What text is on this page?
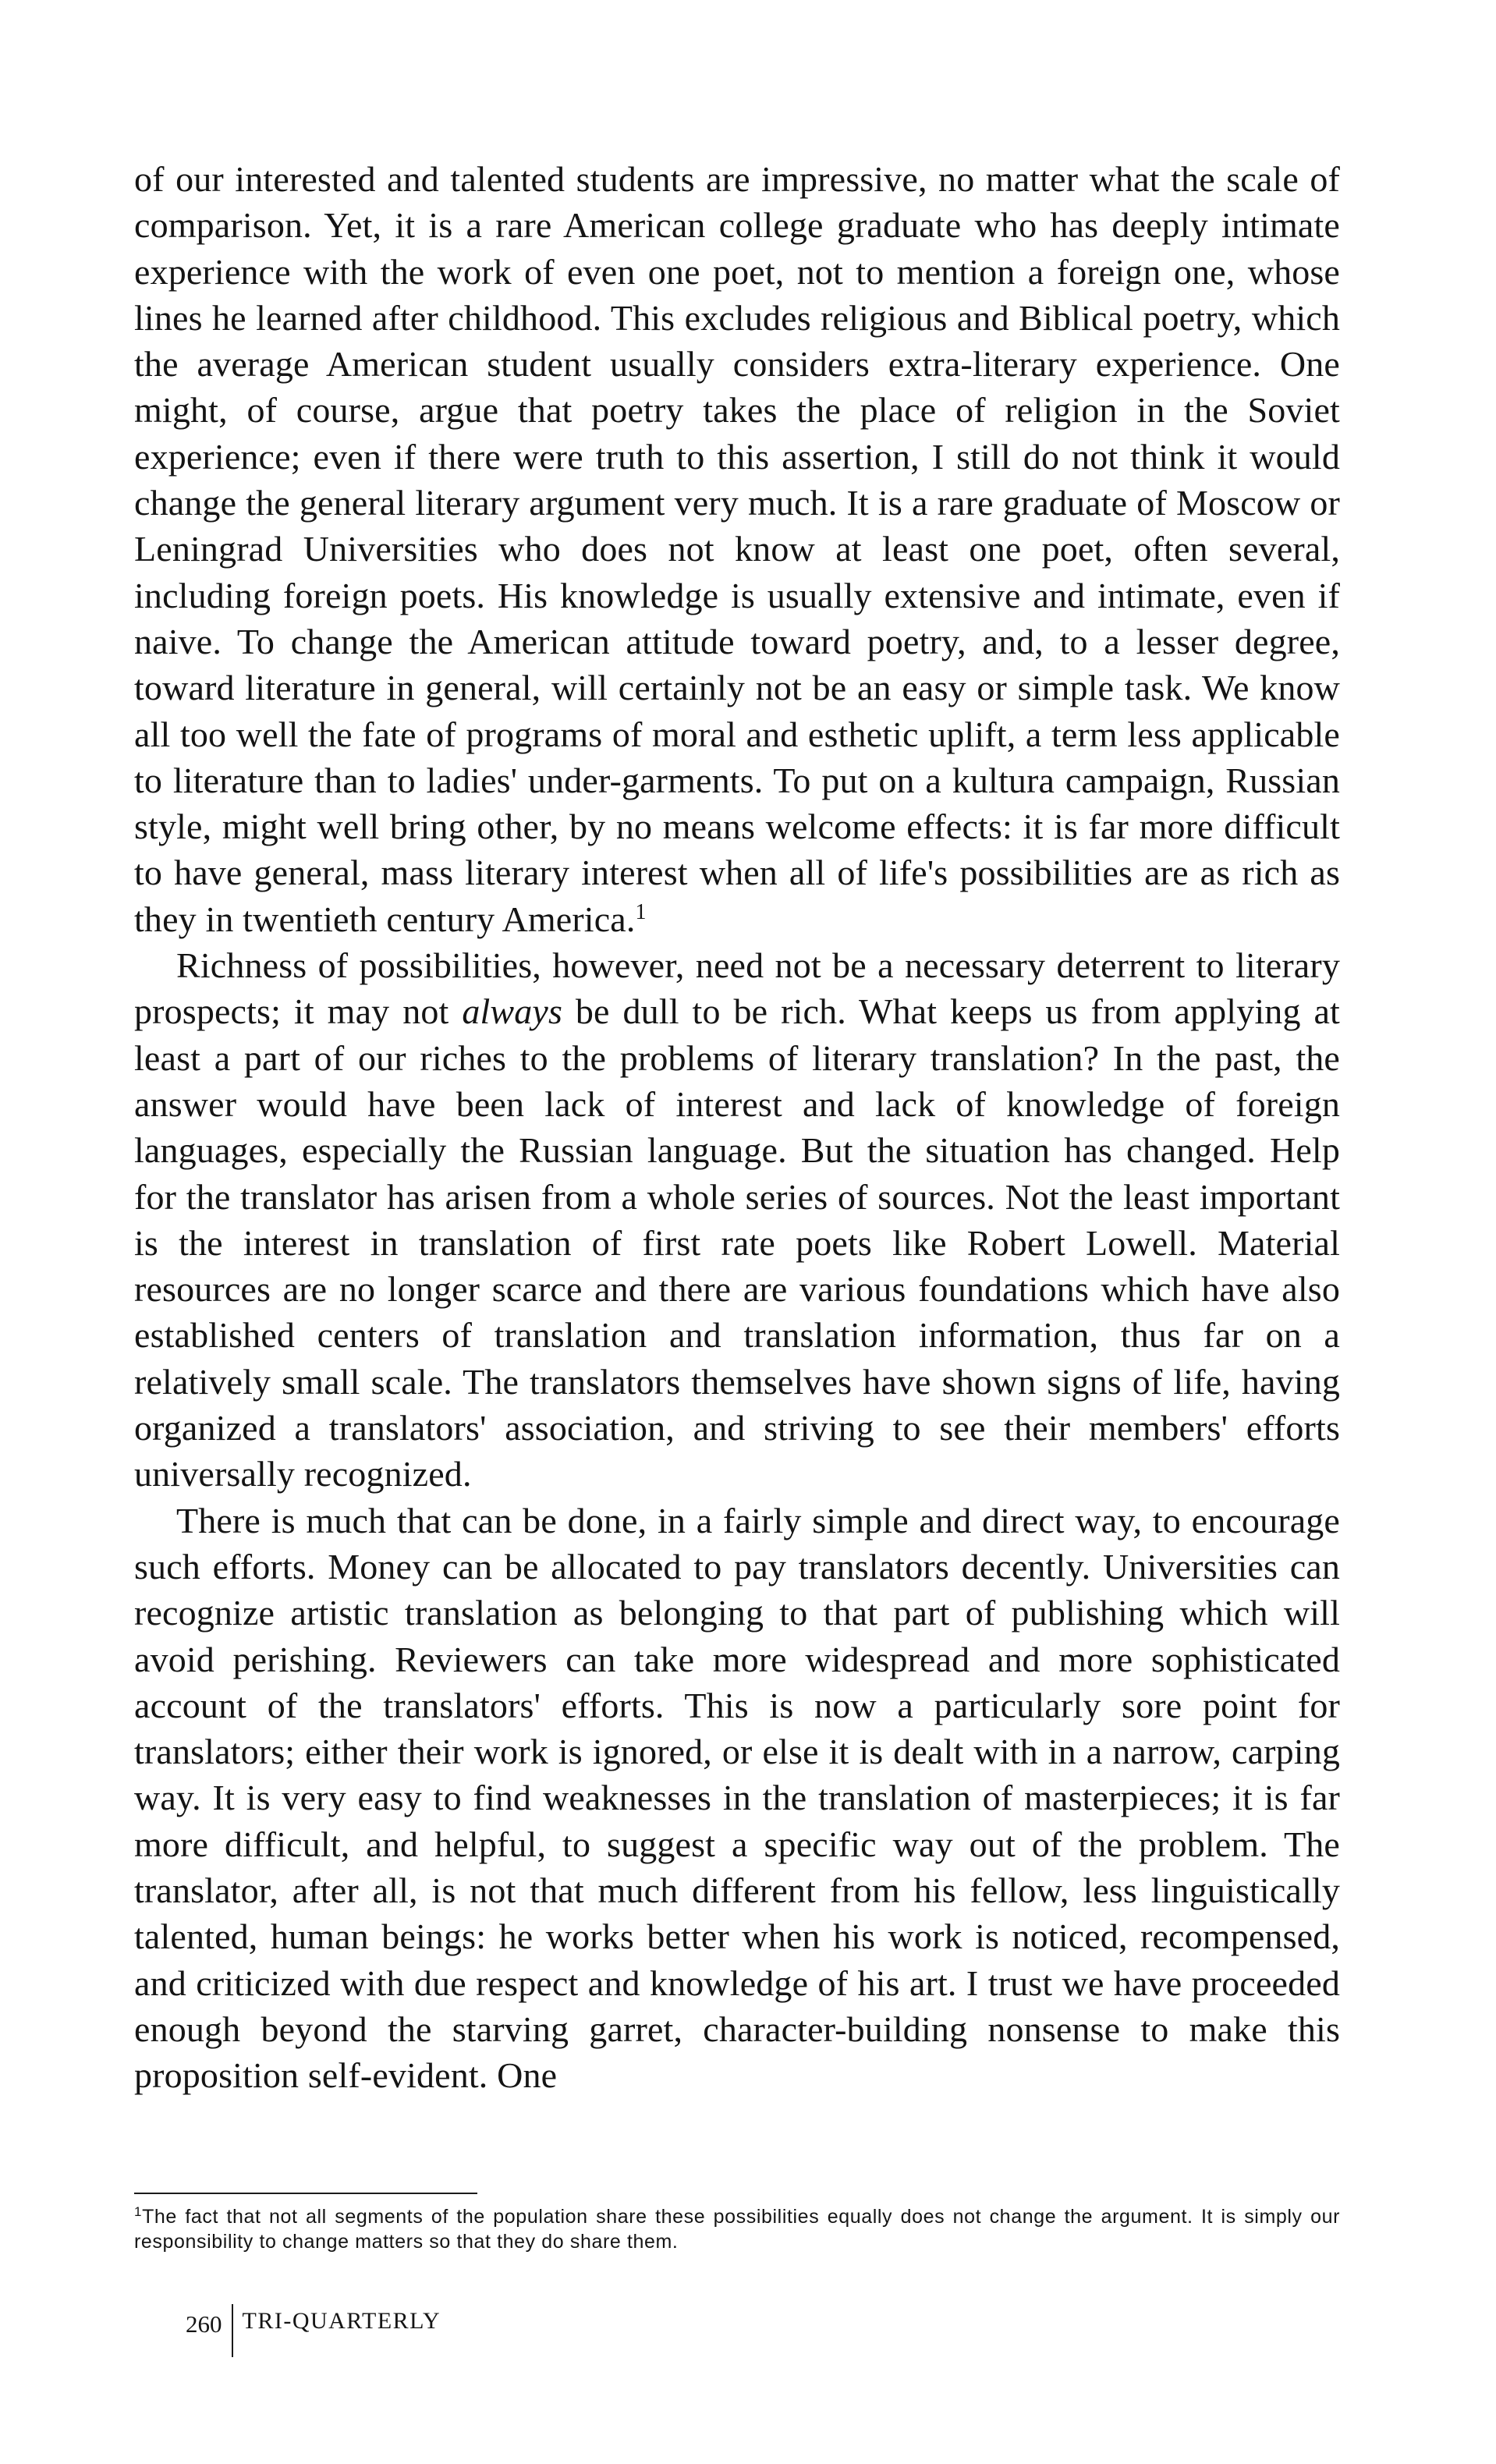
of our interested and talented students are impressive, no matter what the scale of comparison. Yet, it is a rare American college graduate who has deeply intimate experience with the work of even one poet, not to mention a foreign one, whose lines he learned after childhood. This excludes religious and Biblical poetry, which the average American student usually considers extra-literary experience. One might, of course, argue that poetry takes the place of religion in the Soviet experience; even if there were truth to this assertion, I still do not think it would change the general literary argument very much. It is a rare graduate of Moscow or Leningrad Universities who does not know at least one poet, often several, including foreign poets. His knowledge is usually extensive and intimate, even if naive. To change the American attitude toward poetry, and, to a lesser degree, toward literature in general, will certainly not be an easy or simple task. We know all too well the fate of programs of moral and esthetic uplift, a term less applicable to literature than to ladies' under-garments. To put on a kultura campaign, Russian style, might well bring other, by no means welcome effects: it is far more difficult to have general, mass literary interest when all of life's possibilities are as rich as they in twentieth century America.$^1$

Richness of possibilities, however, need not be a necessary deterrent to literary prospects; it may not always be dull to be rich. What keeps us from applying at least a part of our riches to the problems of literary translation? In the past, the answer would have been lack of interest and lack of knowledge of foreign languages, especially the Russian language. But the situation has changed. Help for the translator has arisen from a whole series of sources. Not the least important is the interest in translation of first rate poets like Robert Lowell. Material resources are no longer scarce and there are various foundations which have also established centers of translation and translation information, thus far on a relatively small scale. The translators themselves have shown signs of life, having organized a translators' association, and striving to see their members' efforts universally recognized.

There is much that can be done, in a fairly simple and direct way, to encourage such efforts. Money can be allocated to pay translators decently. Universities can recognize artistic translation as belonging to that part of publishing which will avoid perishing. Reviewers can take more widespread and more sophisticated account of the translators' efforts. This is now a particularly sore point for translators; either their work is ignored, or else it is dealt with in a narrow, carping way. It is very easy to find weaknesses in the translation of masterpieces; it is far more difficult, and helpful, to suggest a specific way out of the problem. The translator, after all, is not that much different from his fellow, less linguistically talented, human beings: he works better when his work is noticed, recompensed, and criticized with due respect and knowledge of his art. I trust we have proceeded enough beyond the starving garret, character-building nonsense to make this proposition self-evident. One

$^1$The fact that not all segments of the population share these possibilities equally does not change the argument. It is simply our responsibility to change matters so that they do share them.
260 TRI-QUARTERLY
